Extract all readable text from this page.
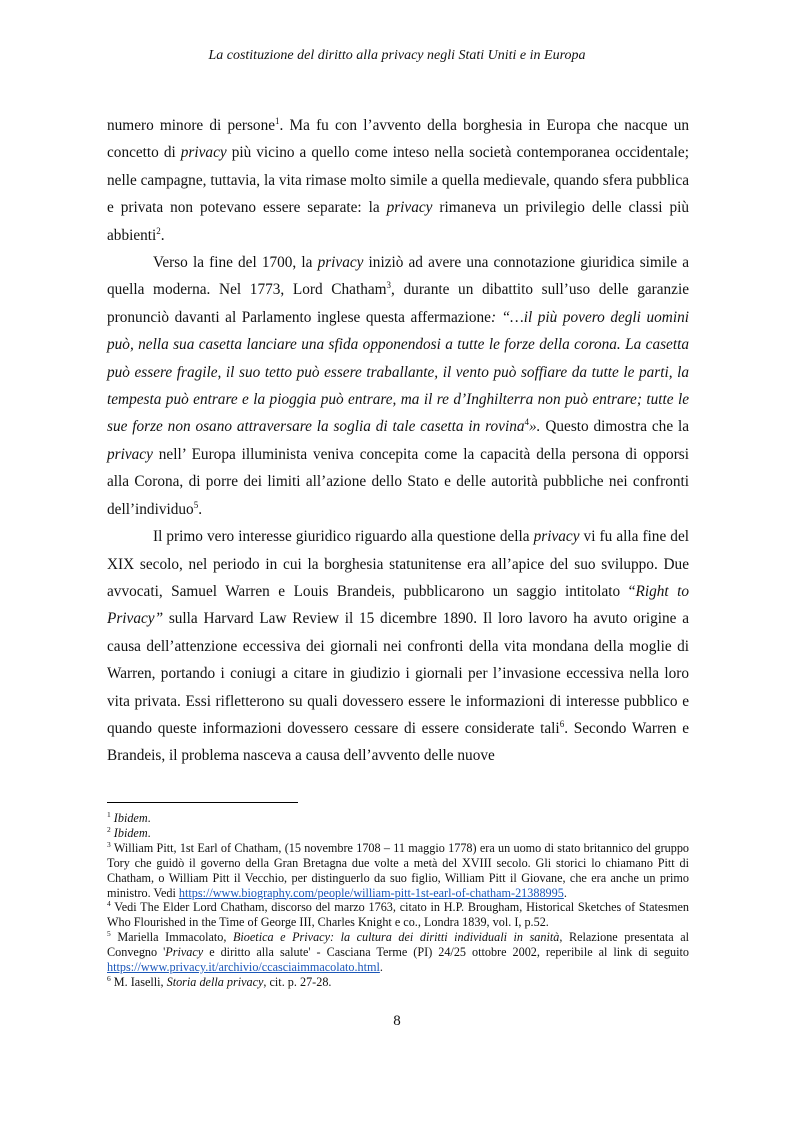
La costituzione del diritto alla privacy negli Stati Uniti e in Europa

numero minore di persone$^1$. Ma fu con l’avvento della borghesia in Europa che nacque un concetto di privacy più vicino a quello come inteso nella società contemporanea occidentale; nelle campagne, tuttavia, la vita rimase molto simile a quella medievale, quando sfera pubblica e privata non potevano essere separate: la privacy rimaneva un privilegio delle classi più abbienti$^2$.

Verso la fine del 1700, la privacy iniziò ad avere una connotazione giuridica simile a quella moderna. Nel 1773, Lord Chatham$^3$, durante un dibattito sull’uso delle garanzie pronunciò davanti al Parlamento inglese questa affermazione: “…il più povero degli uomini può, nella sua casetta lanciare una sfida opponendosi a tutte le forze della corona. La casetta può essere fragile, il suo tetto può essere traballante, il vento può soffiare da tutte le parti, la tempesta può entrare e la pioggia può entrare, ma il re d’Inghilterra non può entrare; tutte le sue forze non osano attraversare la soglia di tale casetta in rovina$^4$». Questo dimostra che la privacy nell’ Europa illuminista veniva concepita come la capacità della persona di opporsi alla Corona, di porre dei limiti all’azione dello Stato e delle autorità pubbliche nei confronti dell’individuo$^5$.

Il primo vero interesse giuridico riguardo alla questione della privacy vi fu alla fine del XIX secolo, nel periodo in cui la borghesia statunitense era all’apice del suo sviluppo. Due avvocati, Samuel Warren e Louis Brandeis, pubblicarono un saggio intitolato “Right to Privacy” sulla Harvard Law Review il 15 dicembre 1890. Il loro lavoro ha avuto origine a causa dell’attenzione eccessiva dei giornali nei confronti della vita mondana della moglie di Warren, portando i coniugi a citare in giudizio i giornali per l’invasione eccessiva nella loro vita privata. Essi rifletterono su quali dovessero essere le informazioni di interesse pubblico e quando queste informazioni dovessero cessare di essere considerate tali$^6$. Secondo Warren e Brandeis, il problema nasceva a causa dell’avvento delle nuove

$^1$ Ibidem.

$^2$ Ibidem.

$^3$ William Pitt, 1st Earl of Chatham, (15 novembre 1708 – 11 maggio 1778) era un uomo di stato britannico del gruppo Tory che guidò il governo della Gran Bretagna due volte a metà del XVIII secolo. Gli storici lo chiamano Pitt di Chatham, o William Pitt il Vecchio, per distinguerlo da suo figlio, William Pitt il Giovane, che era anche un primo ministro. Vedi https://www.biography.com/people/william-pitt-1st-earl-of-chatham-21388995.

$^4$ Vedi The Elder Lord Chatham, discorso del marzo 1763, citato in H.P. Brougham, Historical Sketches of Statesmen Who Flourished in the Time of George III, Charles Knight e co., Londra 1839, vol. I, p.52.

$^5$ Mariella Immacolato, Bioetica e Privacy: la cultura dei diritti individuali in sanità, Relazione presentata al Convegno 'Privacy e diritto alla salute' - Casciana Terme (PI) 24/25 ottobre 2002, reperibile al link di seguito https://www.privacy.it/archivio/ccasciaimmacolato.html.

$^6$ M. Iaselli, Storia della privacy, cit. p. 27-28.

8
